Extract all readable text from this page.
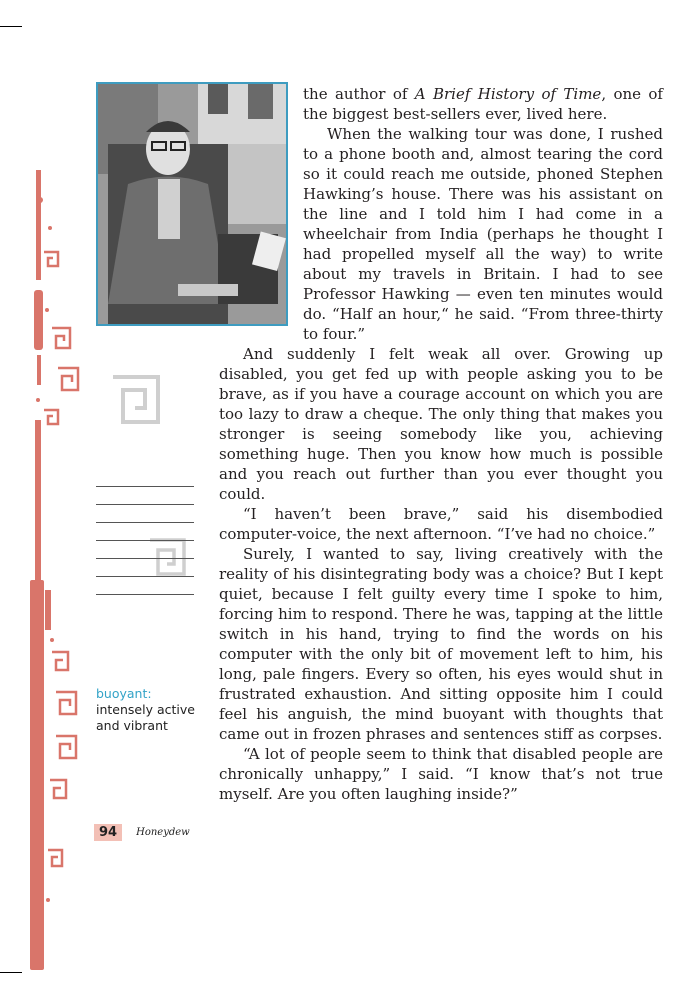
the author of A Brief History of Time, one of the biggest best-sellers ever, lived here.

When the walking tour was done, I rushed to a phone booth and, almost tearing the cord so it could reach me outside, phoned Stephen Hawking’s house. There was his assistant on the line and I told him I had come in a wheelchair from India (perhaps he thought I had propelled myself all the way) to write about my travels in Britain. I had to see Professor Hawking — even ten minutes would do. “Half an hour,“ he said. “From three-thirty to four.”

And suddenly I felt weak all over. Growing up disabled, you get fed up with people asking you to be brave, as if you have a courage account on which you are too lazy to draw a cheque. The only thing that makes you stronger is seeing somebody like you, achieving something huge. Then you know how much is possible and you reach out further than you ever thought you could.

“I haven’t been brave,” said his disembodied computer-voice, the next afternoon. “I’ve had no choice.”

Surely, I wanted to say, living creatively with the reality of his disintegrating body was a choice? But I kept quiet, because I felt guilty every time I spoke to him, forcing him to respond. There he was, tapping at the little switch in his hand, trying to find the words on his computer with the only bit of movement left to him, his long, pale fingers. Every so often, his eyes would shut in frustrated exhaustion. And sitting opposite him I could feel his anguish, the mind buoyant with thoughts that came out in frozen phrases and sentences stiff as corpses.

“A lot of people seem to think that disabled people are chronically unhappy,” I said. “I know that’s not true myself. Are you often laughing inside?”

buoyant:
intensely active and vibrant
94	Honeydew
